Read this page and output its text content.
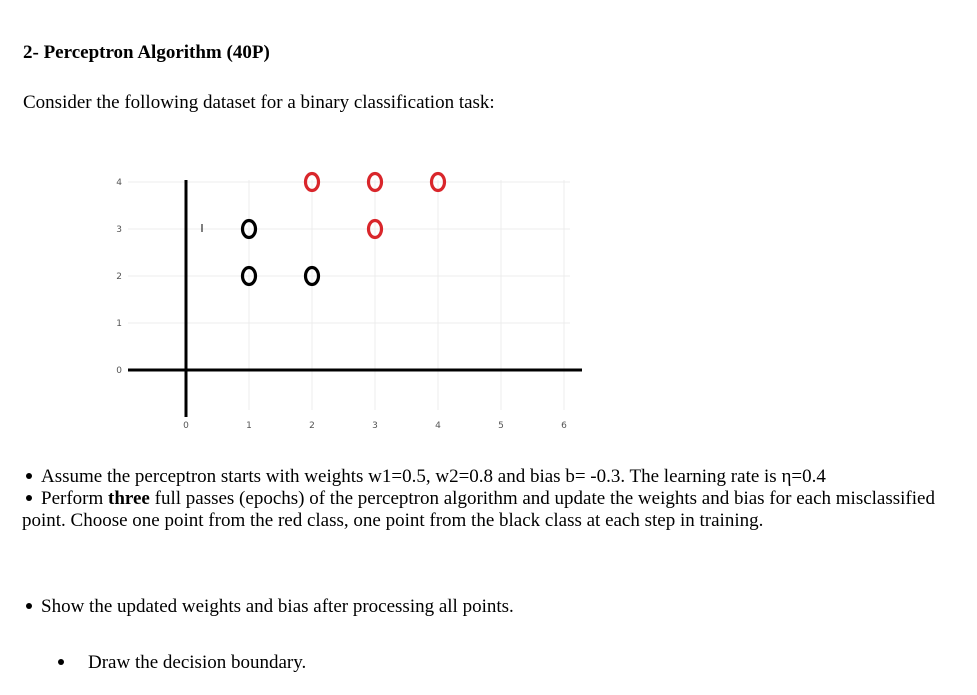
2- Perceptron Algorithm (40P)

Consider the following dataset for a binary classification task:

0
1
2
3
4
0	1	2	3	4	5	6
Assume the perceptron starts with weights w1=0.5, w2=0.8 and bias b= -0.3. The learning rate is η=0.4
Perform three full passes (epochs) of the perceptron algorithm and update the weights and bias for each misclassified point. Choose one point from the red class, one point from the black class at each step in training.
Show the updated weights and bias after processing all points.
Draw the decision boundary.
